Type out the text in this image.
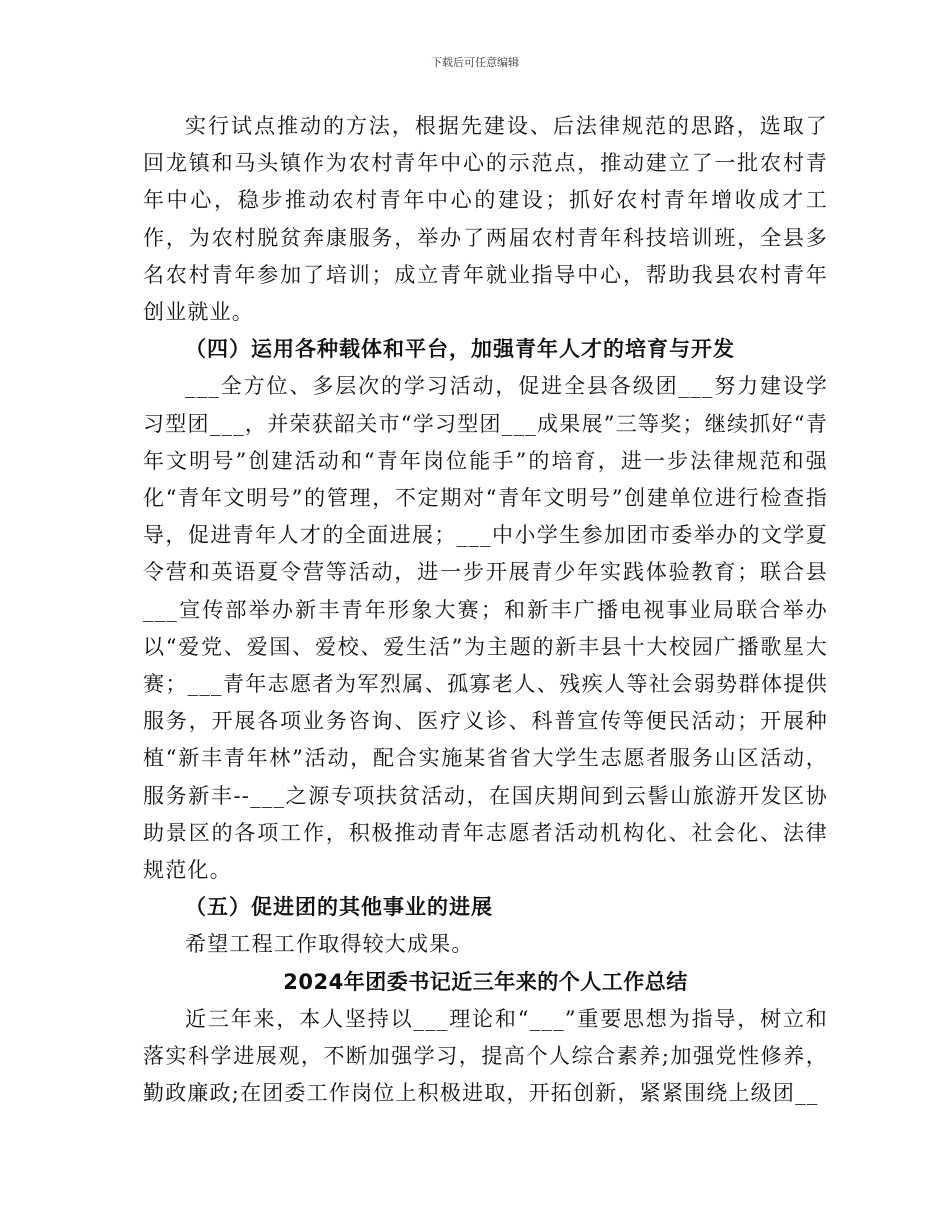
下载后可任意编辑

实行试点推动的方法，根据先建设、后法律规范的思路，选取了回龙镇和马头镇作为农村青年中心的示范点，推动建立了一批农村青年中心，稳步推动农村青年中心的建设；抓好农村青年增收成才工作，为农村脱贫奔康服务，举办了两届农村青年科技培训班，全县多名农村青年参加了培训；成立青年就业指导中心，帮助我县农村青年创业就业。

（四）运用各种载体和平台，加强青年人才的培育与开发

___全方位、多层次的学习活动，促进全县各级团___努力建设学习型团___，并荣获韶关市“学习型团___成果展”三等奖；继续抓好“青年文明号”创建活动和“青年岗位能手”的培育，进一步法律规范和强化“青年文明号”的管理，不定期对“青年文明号”创建单位进行检查指导，促进青年人才的全面进展；___中小学生参加团市委举办的文学夏令营和英语夏令营等活动，进一步开展青少年实践体验教育；联合县___宣传部举办新丰青年形象大赛；和新丰广播电视事业局联合举办以“爱党、爱国、爱校、爱生活”为主题的新丰县十大校园广播歌星大赛；___青年志愿者为军烈属、孤寡老人、残疾人等社会弱势群体提供服务，开展各项业务咨询、医疗义诊、科普宣传等便民活动；开展种植“新丰青年林”活动，配合实施某省省大学生志愿者服务山区活动，服务新丰--___之源专项扶贫活动，在国庆期间到云髻山旅游开发区协助景区的各项工作，积极推动青年志愿者活动机构化、社会化、法律规范化。

（五）促进团的其他事业的进展

希望工程工作取得较大成果。

2024年团委书记近三年来的个人工作总结

近三年来，本人坚持以___理论和“___”重要思想为指导，树立和落实科学进展观，不断加强学习，提高个人综合素养;加强党性修养，勤政廉政;在团委工作岗位上积极进取，开拓创新，紧紧围绕上级团__
